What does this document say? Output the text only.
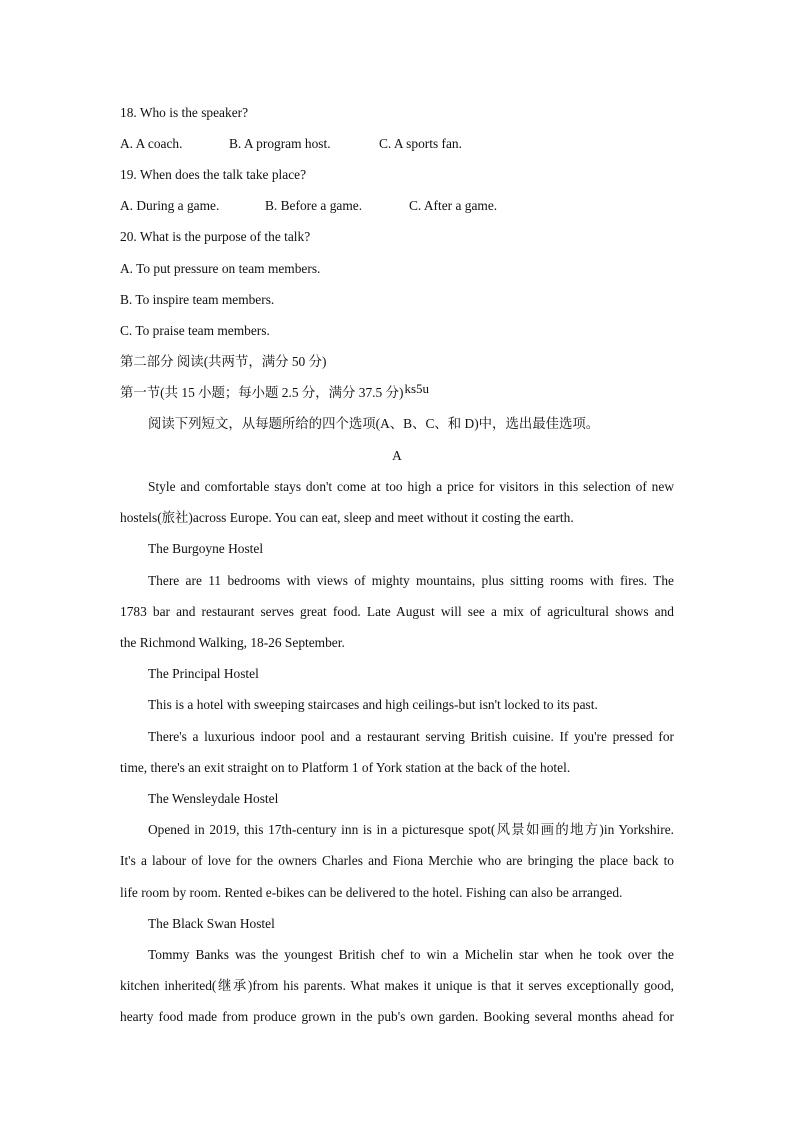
18. Who is the speaker?
A. A coach.	B. A program host.	C. A sports fan.
19. When does the talk take place?
A. During a game.	B. Before a game.	C. After a game.
20. What is the purpose of the talk?
A. To put pressure on team members.
B. To inspire team members.
C. To praise team members.
第二部分 阅读(共两节，满分 50 分)
第一节(共 15 小题；每小题 2.5 分，满分 37.5 分)ks5u
阅读下列短文，从每题所给的四个选项(A、B、C、和 D)中，选出最佳选项。
A
Style and comfortable stays don't come at too high a price for visitors in this selection of new
hostels(旅社)across Europe. You can eat, sleep and meet without it costing the earth.
The Burgoyne Hostel
There are 11 bedrooms with views of mighty mountains, plus sitting rooms with fires. The
1783 bar and restaurant serves great food. Late August will see a mix of agricultural shows and
the Richmond Walking, 18-26 September.
The Principal Hostel
This is a hotel with sweeping staircases and high ceilings-but isn't locked to its past.
There's a luxurious indoor pool and a restaurant serving British cuisine. If you're pressed for
time, there's an exit straight on to Platform 1 of York station at the back of the hotel.
The Wensleydale Hostel
Opened in 2019, this 17th-century inn is in a picturesque spot(风景如画的地方)in Yorkshire.
It's a labour of love for the owners Charles and Fiona Merchie who are bringing the place back to
life room by room. Rented e-bikes can be delivered to the hotel. Fishing can also be arranged.
The Black Swan Hostel
Tommy Banks was the youngest British chef to win a Michelin star when he took over the
kitchen inherited(继承)from his parents. What makes it unique is that it serves exceptionally good,
hearty food made from produce grown in the pub's own garden. Booking several months ahead for
